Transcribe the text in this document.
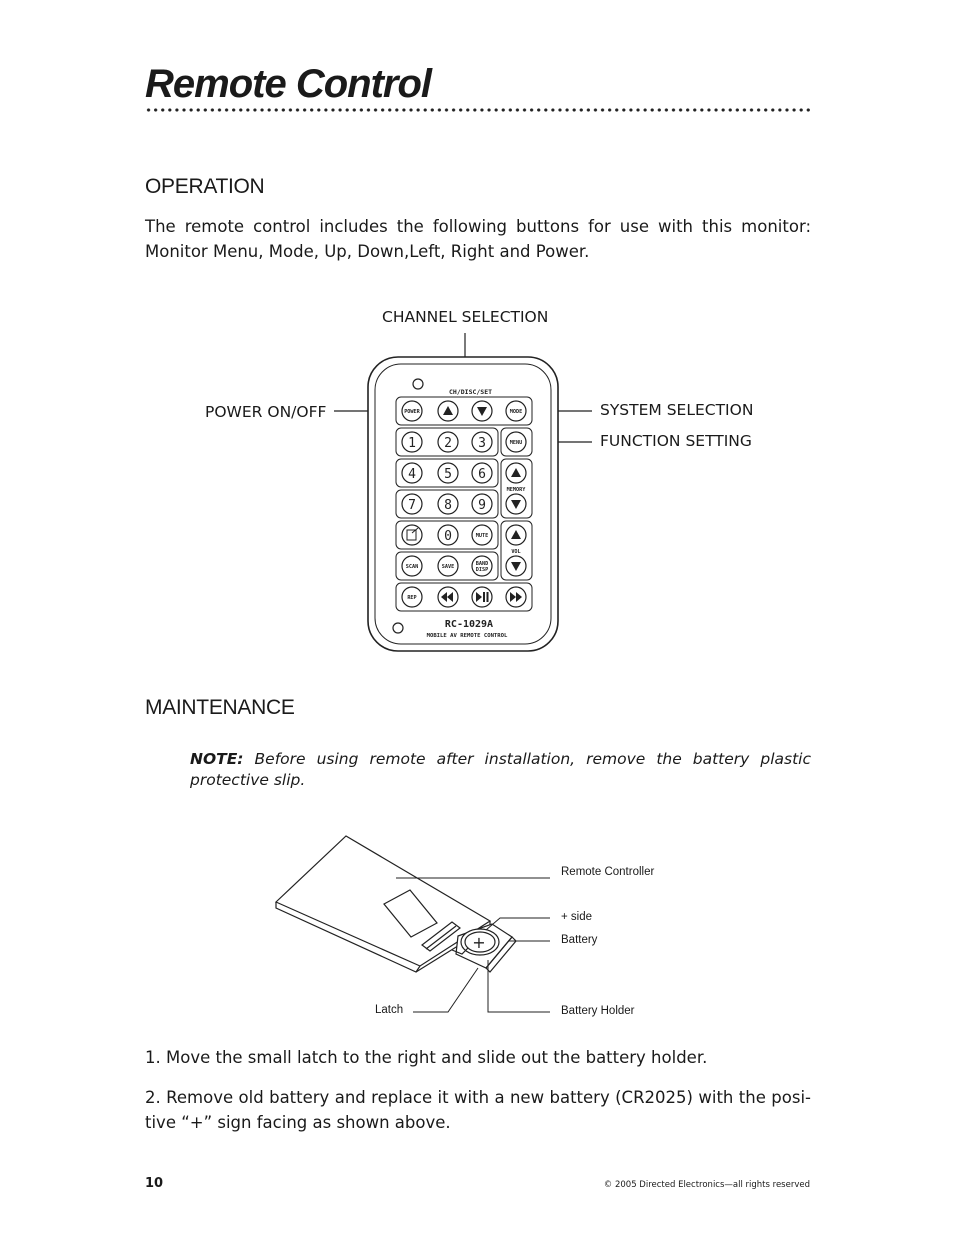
Remote Control
OPERATION
The remote control includes the following buttons for use with this monitor: Monitor Menu, Mode, Up, Down,Left, Right and Power.
CHANNEL SELECTION
POWER ON/OFF	SYSTEM SELECTION
FUNCTION SETTING
CH/DISC/SET
POWER	MODE
MENU
MEMORY
VOL
MUTE
SCAN	SAVE	BAND
DISP
REP
1 2 3
4 5 6
7 8 9
0
RC-1029A
MOBILE AV REMOTE CONTROL
MAINTENANCE
NOTE: Before using remote after installation, remove the battery plastic protective slip.
+
Remote Controller
+ side
Battery
Latch	Battery Holder
1. Move the small latch to the right and slide out the battery holder.
2. Remove old battery and replace it with a new battery (CR2025) with the posi- tive “+” sign facing as shown above.
10	© 2005 Directed Electronics—all rights reserved
